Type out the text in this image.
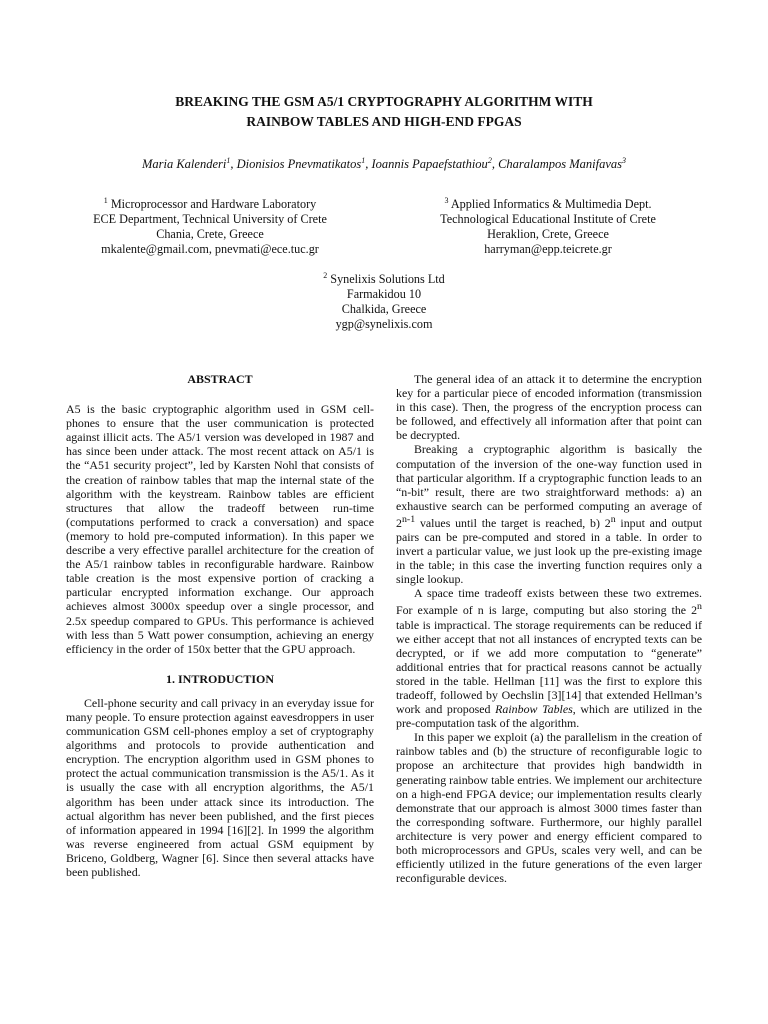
BREAKING THE GSM A5/1 CRYPTOGRAPHY ALGORITHM WITH
RAINBOW TABLES AND HIGH-END FPGAS
Maria Kalenderi$^1$, Dionisios Pnevmatikatos$^1$, Ioannis Papaefstathiou$^2$, Charalampos Manifavas$^3$
$^1$ Microprocessor and Hardware Laboratory
ECE Department, Technical University of Crete
Chania, Crete, Greece
mkalente@gmail.com, pnevmati@ece.tuc.gr
$^3$ Applied Informatics & Multimedia Dept.
Technological Educational Institute of Crete
Heraklion, Crete, Greece
harryman@epp.teicrete.gr
$^2$ Synelixis Solutions Ltd
Farmakidou 10
Chalkida, Greece
ygp@synelixis.com
ABSTRACT

A5 is the basic cryptographic algorithm used in GSM cell-phones to ensure that the user communication is protected against illicit acts. The A5/1 version was developed in 1987 and has since been under attack. The most recent attack on A5/1 is the “A51 security project”, led by Karsten Nohl that consists of the creation of rainbow tables that map the internal state of the algorithm with the keystream. Rainbow tables are efficient structures that allow the tradeoff between run-time (computations performed to crack a conversation) and space (memory to hold pre-computed information). In this paper we describe a very effective parallel architecture for the creation of the A5/1 rainbow tables in reconfigurable hardware. Rainbow table creation is the most expensive portion of cracking a particular encrypted information exchange. Our approach achieves almost 3000x speedup over a single processor, and 2.5x speedup compared to GPUs. This performance is achieved with less than 5 Watt power consumption, achieving an energy efficiency in the order of 150x better that the GPU approach.

1. INTRODUCTION

Cell-phone security and call privacy in an everyday issue for many people. To ensure protection against eavesdroppers in user communication GSM cell-phones employ a set of cryptography algorithms and protocols to provide authentication and encryption. The encryption algorithm used in GSM phones to protect the actual communication transmission is the A5/1. As it is usually the case with all encryption algorithms, the A5/1 algorithm has been under attack since its introduction. The actual algorithm has never been published, and the first pieces of information appeared in 1994 [16][2]. In 1999 the algorithm was reverse engineered from actual GSM equipment by Briceno, Goldberg, Wagner [6]. Since then several attacks have been published.

The general idea of an attack it to determine the encryption key for a particular piece of encoded information (transmission in this case). Then, the progress of the encryption process can be followed, and effectively all information after that point can be decrypted.

Breaking a cryptographic algorithm is basically the computation of the inversion of the one-way function used in that particular algorithm. If a cryptographic function leads to an “n-bit” result, there are two straightforward methods: a) an exhaustive search can be performed computing an average of 2$^{n-1}$ values until the target is reached, b) 2$^n$ input and output pairs can be pre-computed and stored in a table. In order to invert a particular value, we just look up the pre-existing image in the table; in this case the inverting function requires only a single lookup.

A space time tradeoff exists between these two extremes. For example of n is large, computing but also storing the 2$^n$ table is impractical. The storage requirements can be reduced if we either accept that not all instances of encrypted texts can be decrypted, or if we add more computation to “generate” additional entries that for practical reasons cannot be actually stored in the table. Hellman [11] was the first to explore this tradeoff, followed by Oechslin [3][14] that extended Hellman’s work and proposed Rainbow Tables, which are utilized in the pre-computation task of the algorithm.

In this paper we exploit (a) the parallelism in the creation of rainbow tables and (b) the structure of reconfigurable logic to propose an architecture that provides high bandwidth in generating rainbow table entries. We implement our architecture on a high-end FPGA device; our implementation results clearly demonstrate that our approach is almost 3000 times faster than the corresponding software. Furthermore, our highly parallel architecture is very power and energy efficient compared to both microprocessors and GPUs, scales very well, and can be efficiently utilized in the future generations of the even larger reconfigurable devices.
